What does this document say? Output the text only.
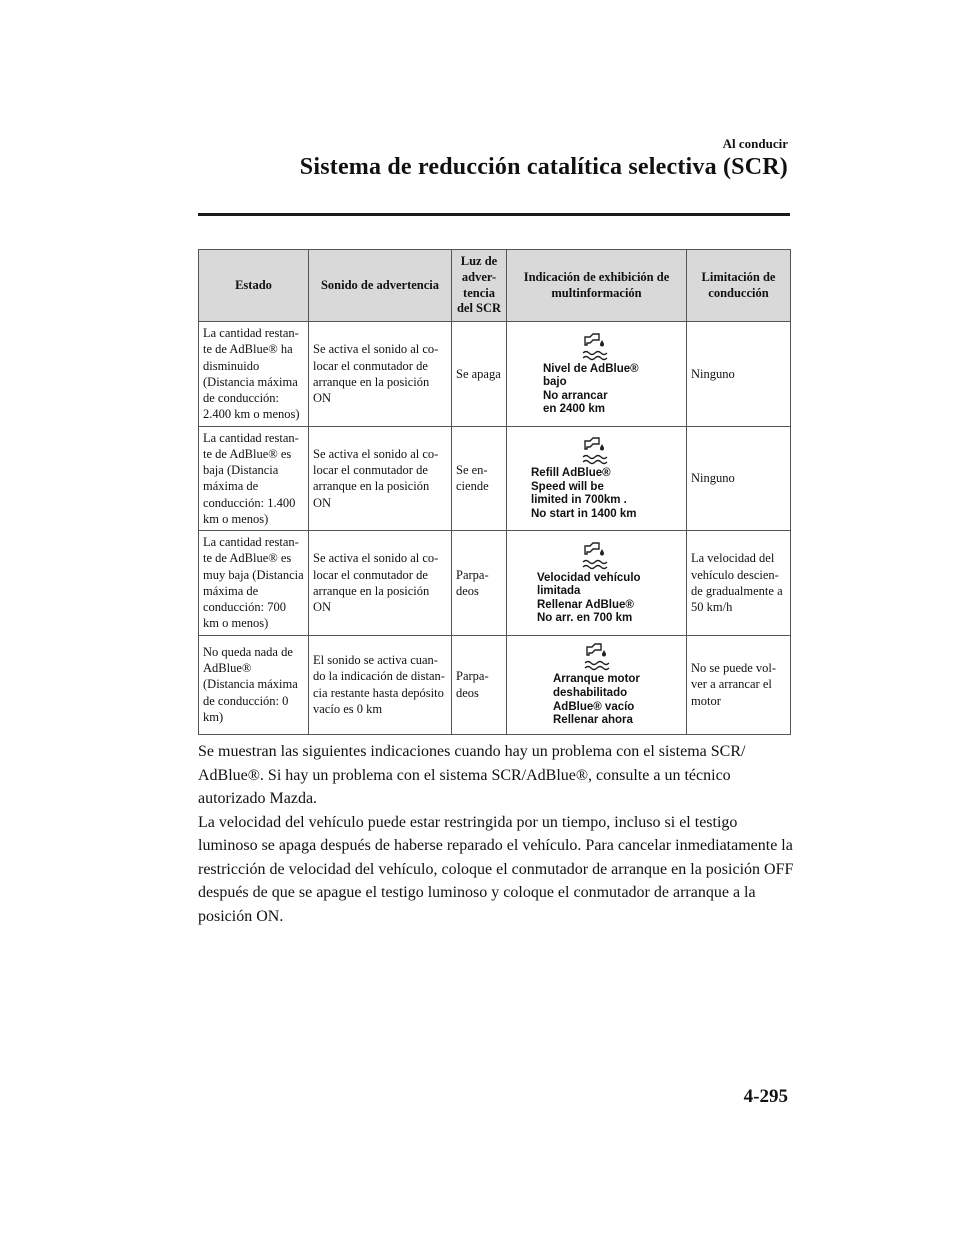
Al conducir
Sistema de reducción catalítica selectiva (SCR)
Estado	Sonido de advertencia	Luz de adver- tencia del SCR	Indicación de exhibición de multinformación	Limitación de conducción
La cantidad restan- te de AdBlue® ha disminuido (Distancia máxima de conducción: 2.400 km o menos)	Se activa el sonido al co- locar el conmutador de arranque en la posición ON	Se apaga	Nivel de AdBlue®
bajo
No arrancar
en 2400 km	Ninguno
La cantidad restan- te de AdBlue® es baja (Distancia máxima de conducción: 1.400 km o menos)	Se activa el sonido al co- locar el conmutador de arranque en la posición ON	Se en- ciende	Refill AdBlue®
Speed will be
limited in 700km .
No start in 1400 km	Ninguno
La cantidad restan- te de AdBlue® es muy baja (Distancia máxima de conducción: 700 km o menos)	Se activa el sonido al co- locar el conmutador de arranque en la posición ON	Parpa- deos	Velocidad vehículo
limitada
Rellenar AdBlue®
No arr. en 700 km	La velocidad del vehículo descien- de gradualmente a 50 km/h
No queda nada de AdBlue® (Distancia máxima de conducción: 0 km)	El sonido se activa cuan- do la indicación de distan- cia restante hasta depósito vacío es 0 km	Parpa- deos	Arranque motor
deshabilitado
AdBlue® vacío
Rellenar ahora	No se puede vol- ver a arrancar el motor

Se muestran las siguientes indicaciones cuando hay un problema con el sistema SCR/ AdBlue®. Si hay un problema con el sistema SCR/AdBlue®, consulte a un técnico autorizado Mazda.

La velocidad del vehículo puede estar restringida por un tiempo, incluso si el testigo luminoso se apaga después de haberse reparado el vehículo. Para cancelar inmediatamente la restricción de velocidad del vehículo, coloque el conmutador de arranque en la posición OFF después de que se apague el testigo luminoso y coloque el conmutador de arranque a la posición ON.

4-295
